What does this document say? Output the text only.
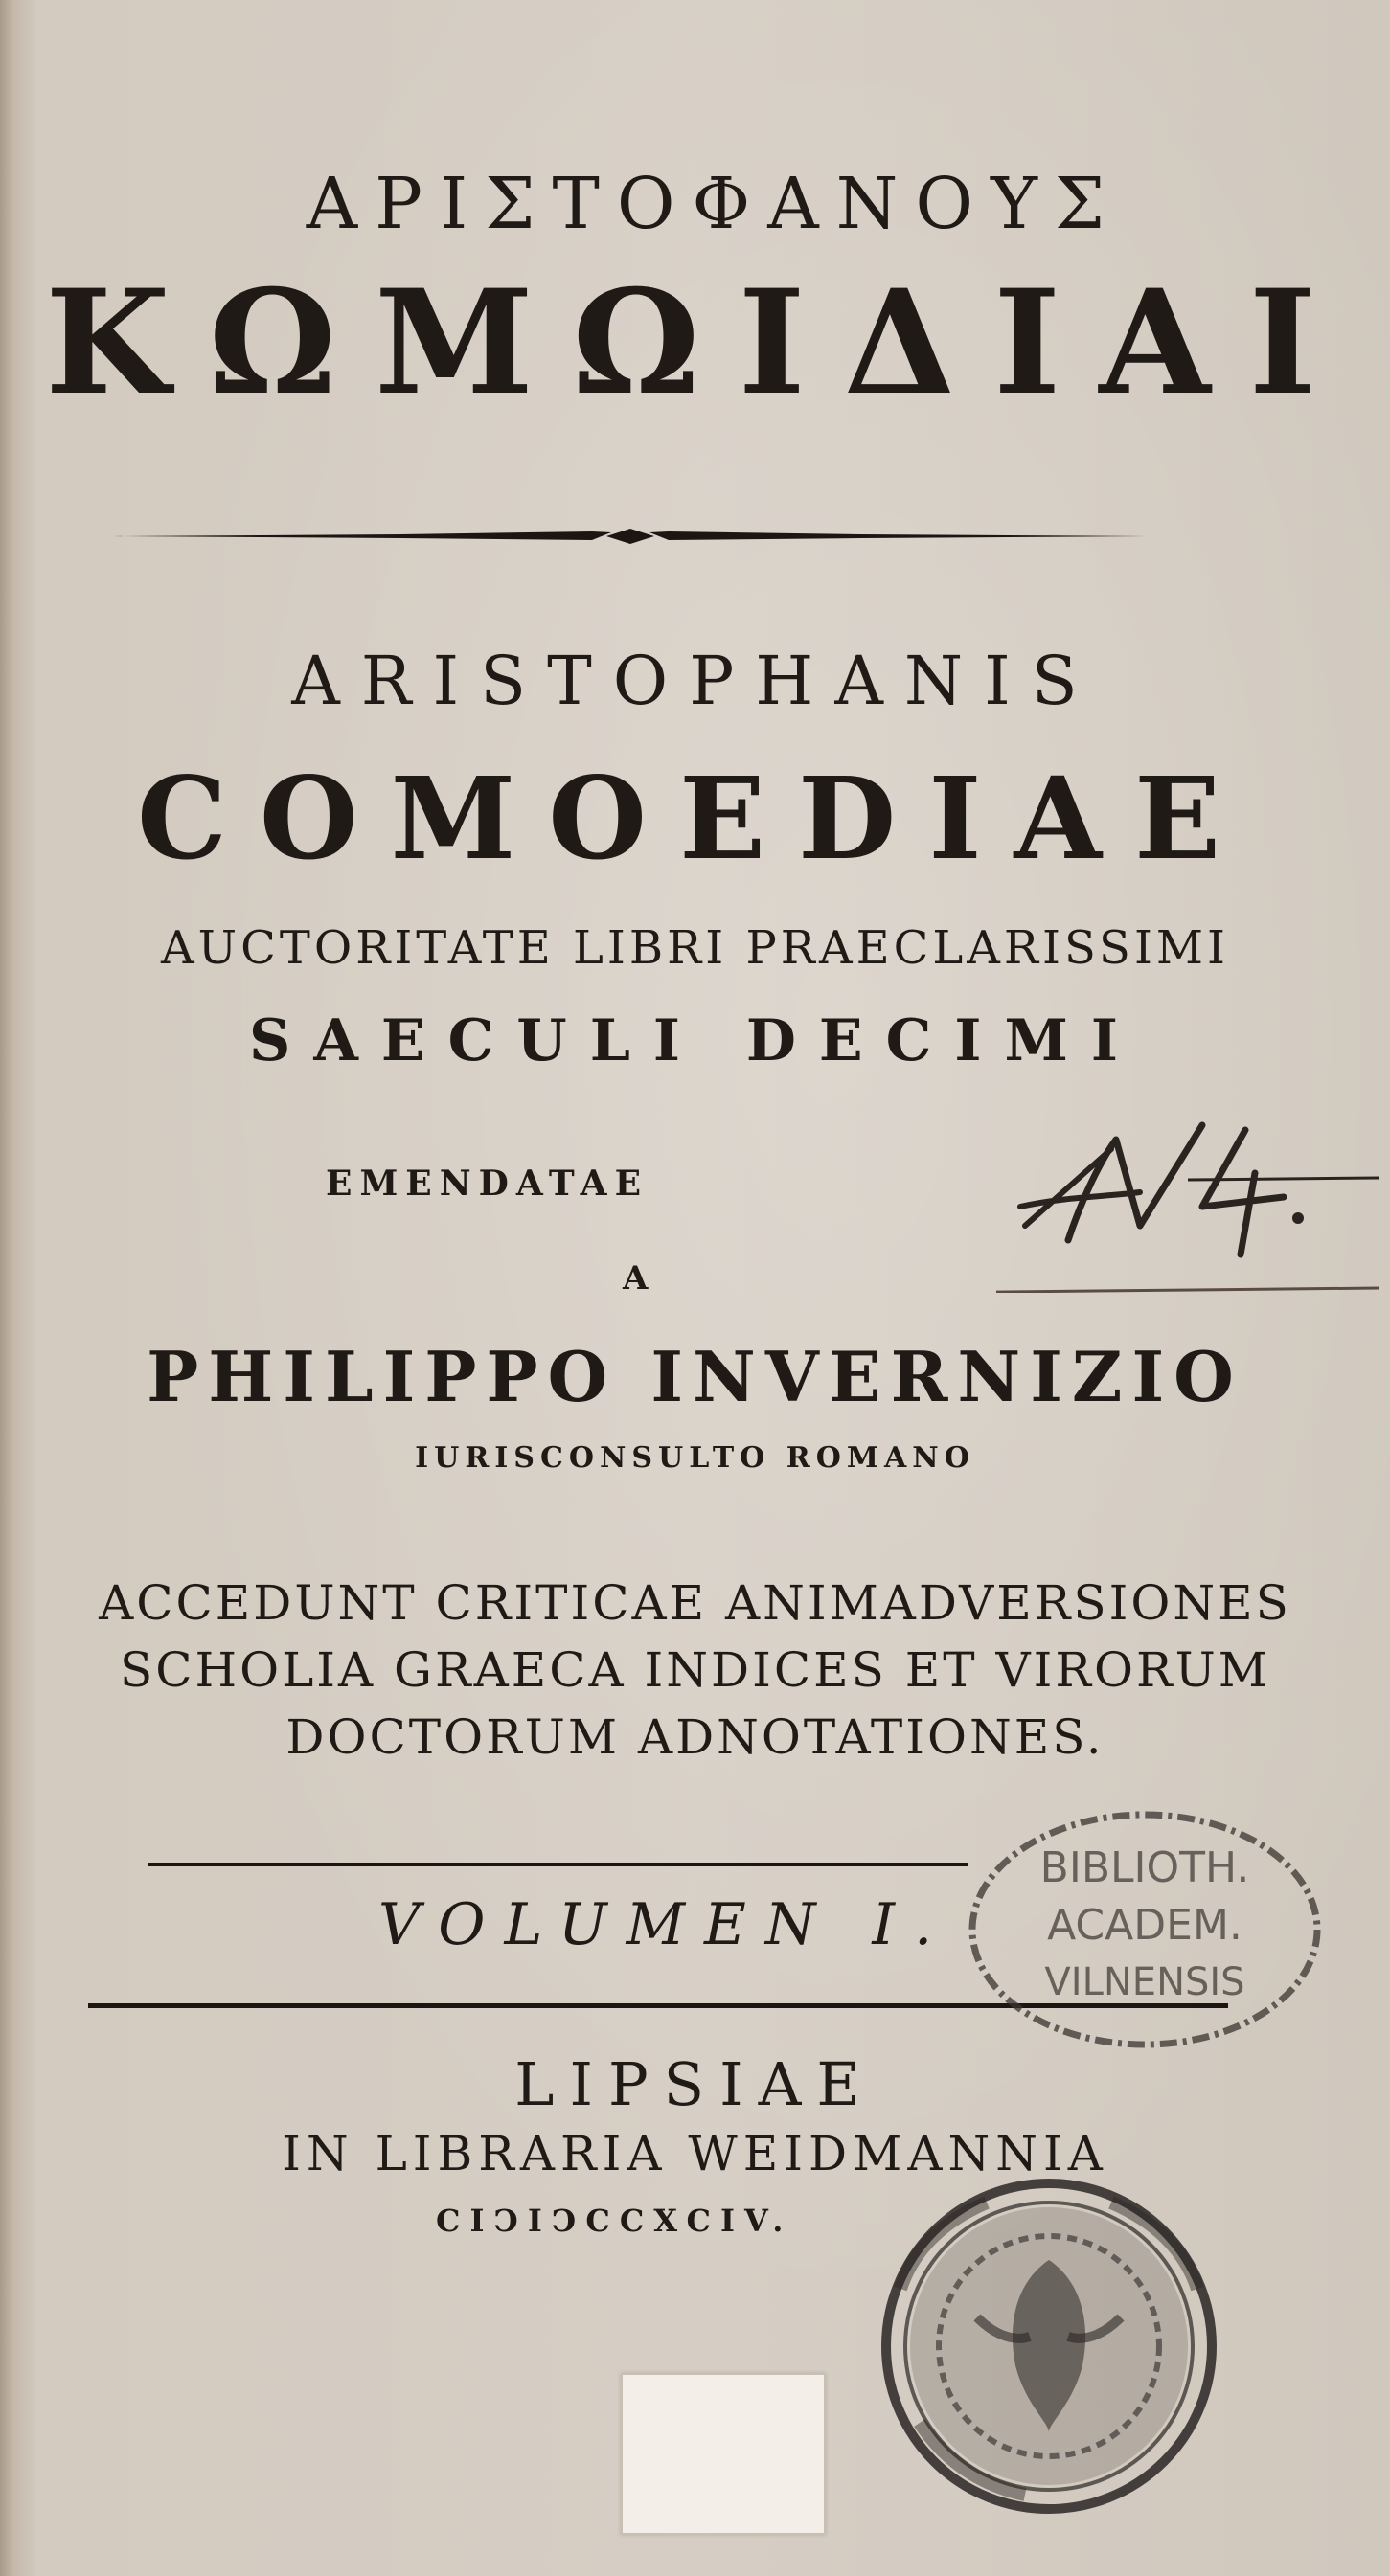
ΑΡΙΣΤΟΦΑΝΟΥΣ

ΚΩΜΩΙΔΙΑΙ

ARISTOPHANIS

COMOEDIAE

AUCTORITATE LIBRI PRAECLARISSIMI

SAECULI DECIMI

EMENDATAE

A

PHILIPPO INVERNIZIO

IURISCONSULTO ROMANO

ACCEDUNT CRITICAE ANIMADVERSIONES

SCHOLIA GRAECA INDICES ET VIRORUM

DOCTORUM ADNOTATIONES.

VOLUMEN I.

BIBLIOTH.
ACADEM.
VILNENSIS

LIPSIAE

IN LIBRARIA WEIDMANNIA

CIↃIↃCCXCIV.
